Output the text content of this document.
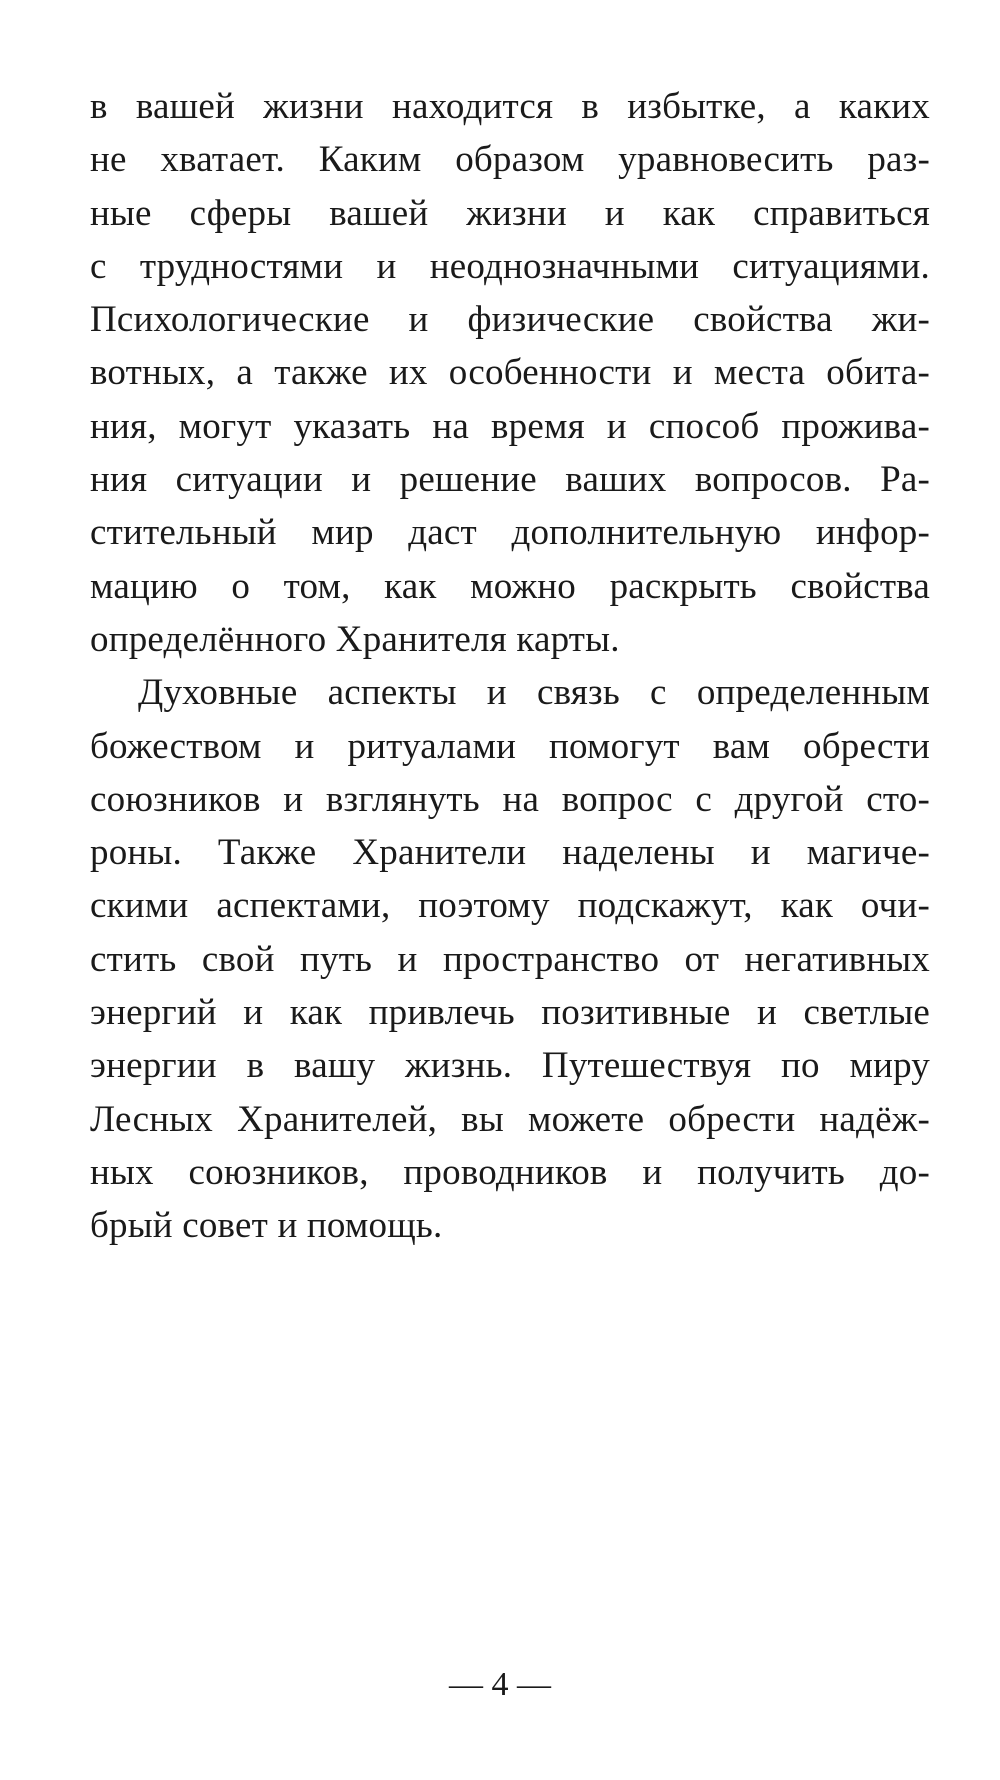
в вашей жизни находится в избытке, а каких
не хватает. Каким образом уравновесить раз-
ные сферы вашей жизни и как справиться
с трудностями и неоднозначными ситуациями.
Психологические и физические свойства жи-
вотных, а также их особенности и места обита-
ния, могут указать на время и способ прожива-
ния ситуации и решение ваших вопросов. Ра-
стительный мир даст дополнительную инфор-
мацию о том, как можно раскрыть свойства
определённого Хранителя карты.
Духовные аспекты и связь с определенным
божеством и ритуалами помогут вам обрести
союзников и взглянуть на вопрос с другой сто-
роны. Также Хранители наделены и магиче-
скими аспектами, поэтому подскажут, как очи-
стить свой путь и пространство от негативных
энергий и как привлечь позитивные и светлые
энергии в вашу жизнь. Путешествуя по миру
Лесных Хранителей, вы можете обрести надёж-
ных союзников, проводников и получить до-
брый совет и помощь.
— 4 —
